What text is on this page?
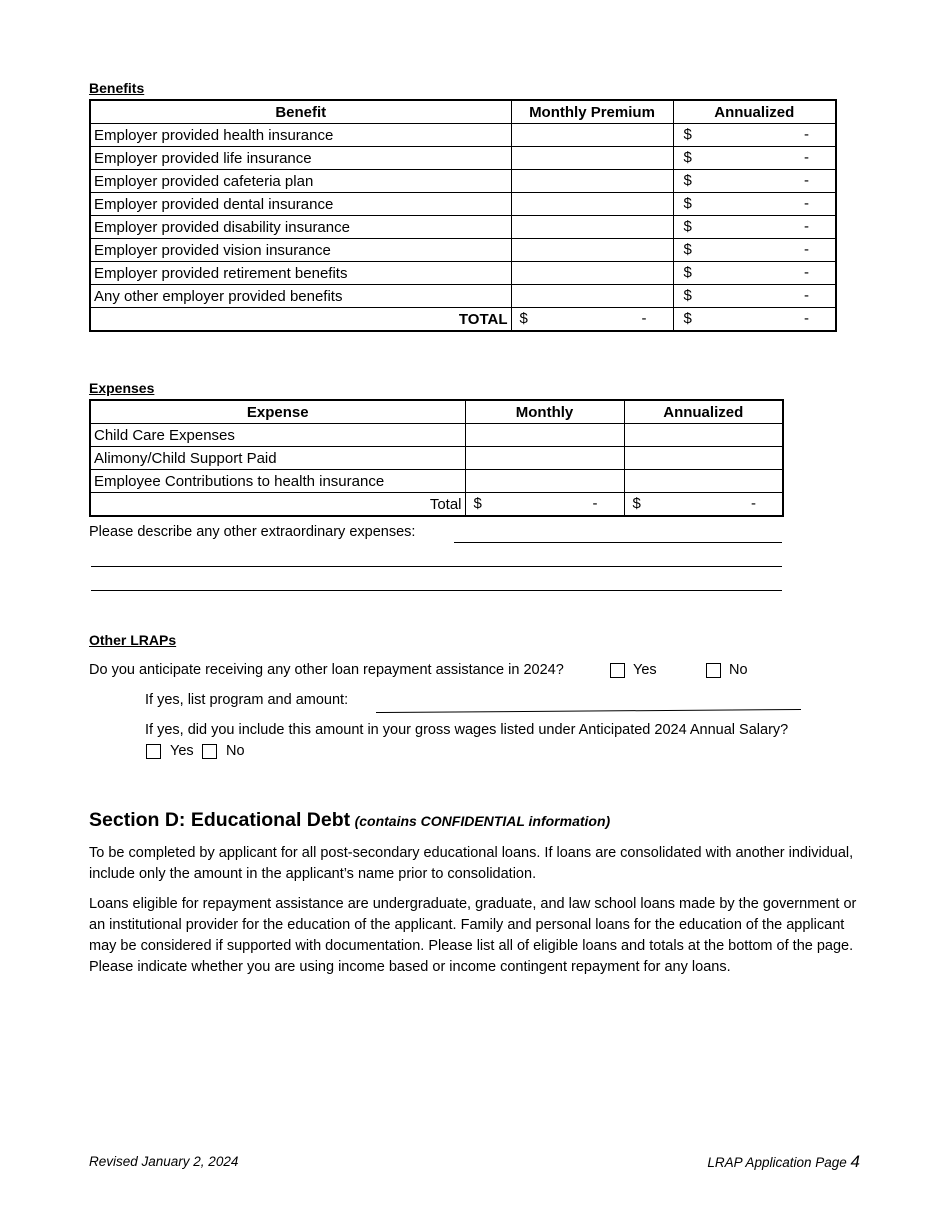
Benefits
Benefit	Monthly Premium	Annualized
Employer provided health insurance		$ -

Employer provided life insurance		$ -

Employer provided cafeteria plan		$ -

Employer provided dental insurance		$ -

Employer provided disability insurance		$ -

Employer provided vision insurance		$ -

Employer provided retirement benefits		$ -

Any other employer provided benefits		$ -

TOTAL	$ -	$ -
Expenses
Expense	Monthly	Annualized
Child Care Expenses		
Alimony/Child Support Paid		
Employee Contributions to health insurance		
Total	$ -	$ -
Please describe any other extraordinary expenses:
Other LRAPs
Do you anticipate receiving any other loan repayment assistance in 2024?	Yes	No
If yes, list program and amount:
If yes, did you include this amount in your gross wages listed under Anticipated 2024 Annual Salary?
Yes No
Section D: Educational Debt (contains CONFIDENTIAL information)
To be completed by applicant for all post-secondary educational loans. If loans are consolidated with another individual, include only the amount in the applicant’s name prior to consolidation.
Loans eligible for repayment assistance are undergraduate, graduate, and law school loans made by the government or an institutional provider for the education of the applicant. Family and personal loans for the education of the applicant may be considered if supported with documentation. Please list all of eligible loans and totals at the bottom of the page. Please indicate whether you are using income based or income contingent repayment for any loans.
Revised January 2, 2024	LRAP Application Page 4
